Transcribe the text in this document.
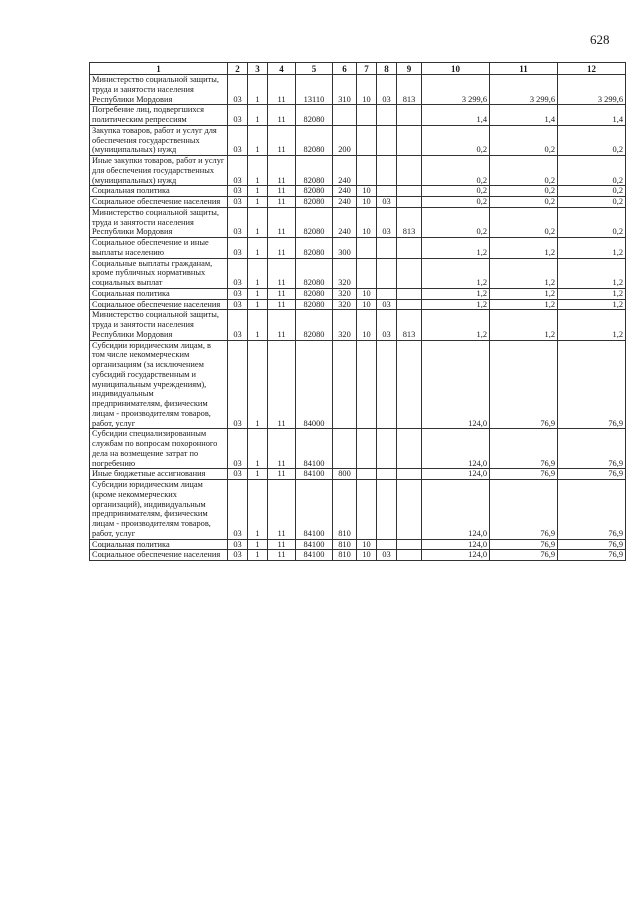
628
1	2	3	4	5	6	7	8	9	10	11	12
Министерство социальной защиты, труда и занятости населения Республики Мордовия	03	1	11	13110	310	10	03	813	3 299,6	3 299,6	3 299,6
Погребение лиц, подвергшихся политическим репрессиям	03	1	11	82080					1,4	1,4	1,4
Закупка товаров, работ и услуг для обеспечения государственных (муниципальных) нужд	03	1	11	82080	200				0,2	0,2	0,2
Иные закупки товаров, работ и услуг для обеспечения государственных (муниципальных) нужд	03	1	11	82080	240				0,2	0,2	0,2
Социальная политика	03	1	11	82080	240	10			0,2	0,2	0,2
Социальное обеспечение населения	03	1	11	82080	240	10	03		0,2	0,2	0,2
Министерство социальной защиты, труда и занятости населения Республики Мордовия	03	1	11	82080	240	10	03	813	0,2	0,2	0,2
Социальное обеспечение и иные выплаты населению	03	1	11	82080	300				1,2	1,2	1,2
Социальные выплаты гражданам, кроме публичных нормативных социальных выплат	03	1	11	82080	320				1,2	1,2	1,2
Социальная политика	03	1	11	82080	320	10			1,2	1,2	1,2
Социальное обеспечение населения	03	1	11	82080	320	10	03		1,2	1,2	1,2
Министерство социальной защиты, труда и занятости населения Республики Мордовия	03	1	11	82080	320	10	03	813	1,2	1,2	1,2
Субсидии юридическим лицам, в том числе некоммерческим организациям (за исключением субсидий государственным и муниципальным учреждениям), индивидуальным предпринимателям, физическим лицам - производителям товаров, работ, услуг	03	1	11	84000					124,0	76,9	76,9
Субсидии специализированным службам по вопросам похоронного дела на возмещение затрат по погребению	03	1	11	84100					124,0	76,9	76,9
Иные бюджетные ассигнования	03	1	11	84100	800				124,0	76,9	76,9
Субсидии юридическим лицам (кроме некоммерческих организаций), индивидуальным предпринимателям, физическим лицам - производителям товаров, работ, услуг	03	1	11	84100	810				124,0	76,9	76,9
Социальная политика	03	1	11	84100	810	10			124,0	76,9	76,9
Социальное обеспечение населения	03	1	11	84100	810	10	03		124,0	76,9	76,9
